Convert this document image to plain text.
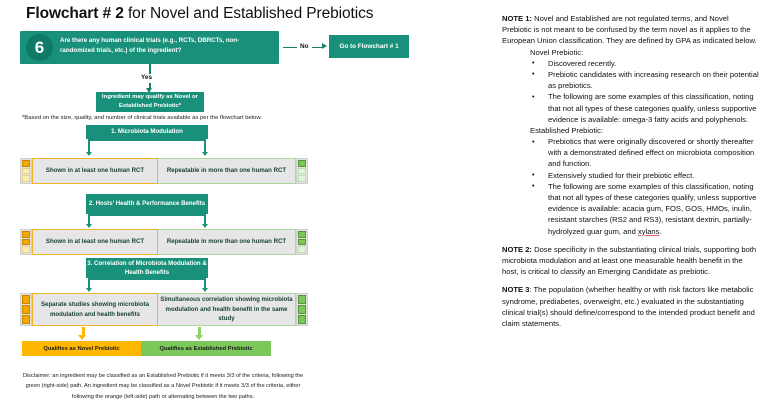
Flowchart # 2 for Novel and Established Prebiotics
6	Are there any human clinical trials (e.g., RCTs, DBRCTs, non-randomized trials, etc.) of the ingredient?
No	Go to Flowchart # 1
Yes
Ingredient may qualify as Novel or Established Prebiotic*
*Based on the size, quality, and number of clinical trials available as per the flowchart below.
1. Microbiota Modulation
Shown in at least one human RCT	Repeatable in more than one human RCT
2. Hosts' Health & Performance Benefits
Shown in at least one human RCT	Repeatable in more than one human RCT
3. Correlation of Microbiota Modulation & Health Benefits
Separate studies showing microbiota modulation and health benefits
Simultaneous correlation showing microbiota modulation and health benefit in the same study
Qualifies as Novel Prebiotic	Qualifies as Established Prebiotic
Disclaimer: an ingredient may be classified as an Established Prebiotic if it meets 3/3 of the criteria, following the green (right-side) path. An ingredient may be classified as a Novel Prebiotic if it meets 3/3 of the criteria, either following the orange (left-side) path or alternating between the two paths.

NOTE 1: Novel and Established are not regulated terms, and Novel Prebiotic is not meant to be confused by the term novel as it applies to the European Union classification. They are defined by GPA as indicated below.

Novel Prebiotic:

• Discovered recently.

• Prebiotic candidates with increasing research on their potential as prebiotics.

• The following are some examples of this classification, noting that not all types of these categories qualify, unless supportive evidence is available: omega-3 fatty acids and polyphenols.

Established Prebiotic:

• Prebiotics that were originally discovered or shortly thereafter with a demonstrated defined effect on microbiota composition and function.

• Extensively studied for their prebiotic effect.

• The following are some examples of this classification, noting that not all types of these categories qualify, unless supportive evidence is available: acacia gum, FOS, GOS, HMOs, inulin, resistant starches (RS2 and RS3), resistant dextrin, partially-hydrolyzed guar gum, and xylans.

NOTE 2: Dose specificity in the substantiating clinical trials, supporting both microbiota modulation and at least one measurable health benefit in the host, is critical to classify an Emerging Candidate as prebiotic.

NOTE 3: The population (whether healthy or with risk factors like metabolic syndrome, prediabetes, overweight, etc.) evaluated in the substantiating clinical trial(s) should define/correspond to the intended product benefit and claim statements.
